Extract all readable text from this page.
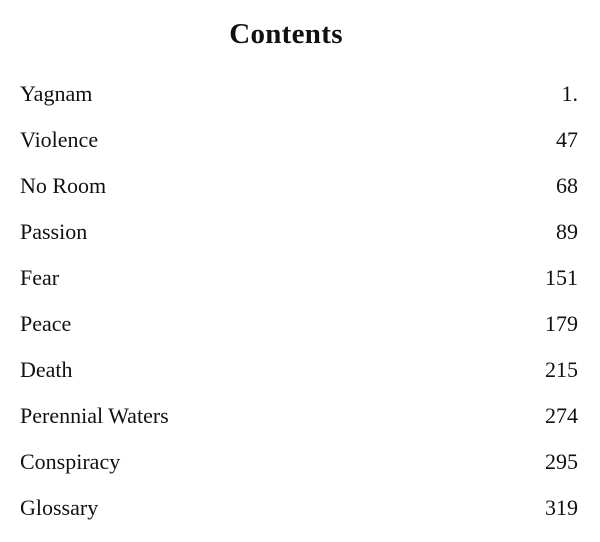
Contents
Yagnam	1.
Violence	47
No Room	68
Passion	89
Fear	151
Peace	179
Death	215
Perennial Waters	274
Conspiracy	295
Glossary	319
